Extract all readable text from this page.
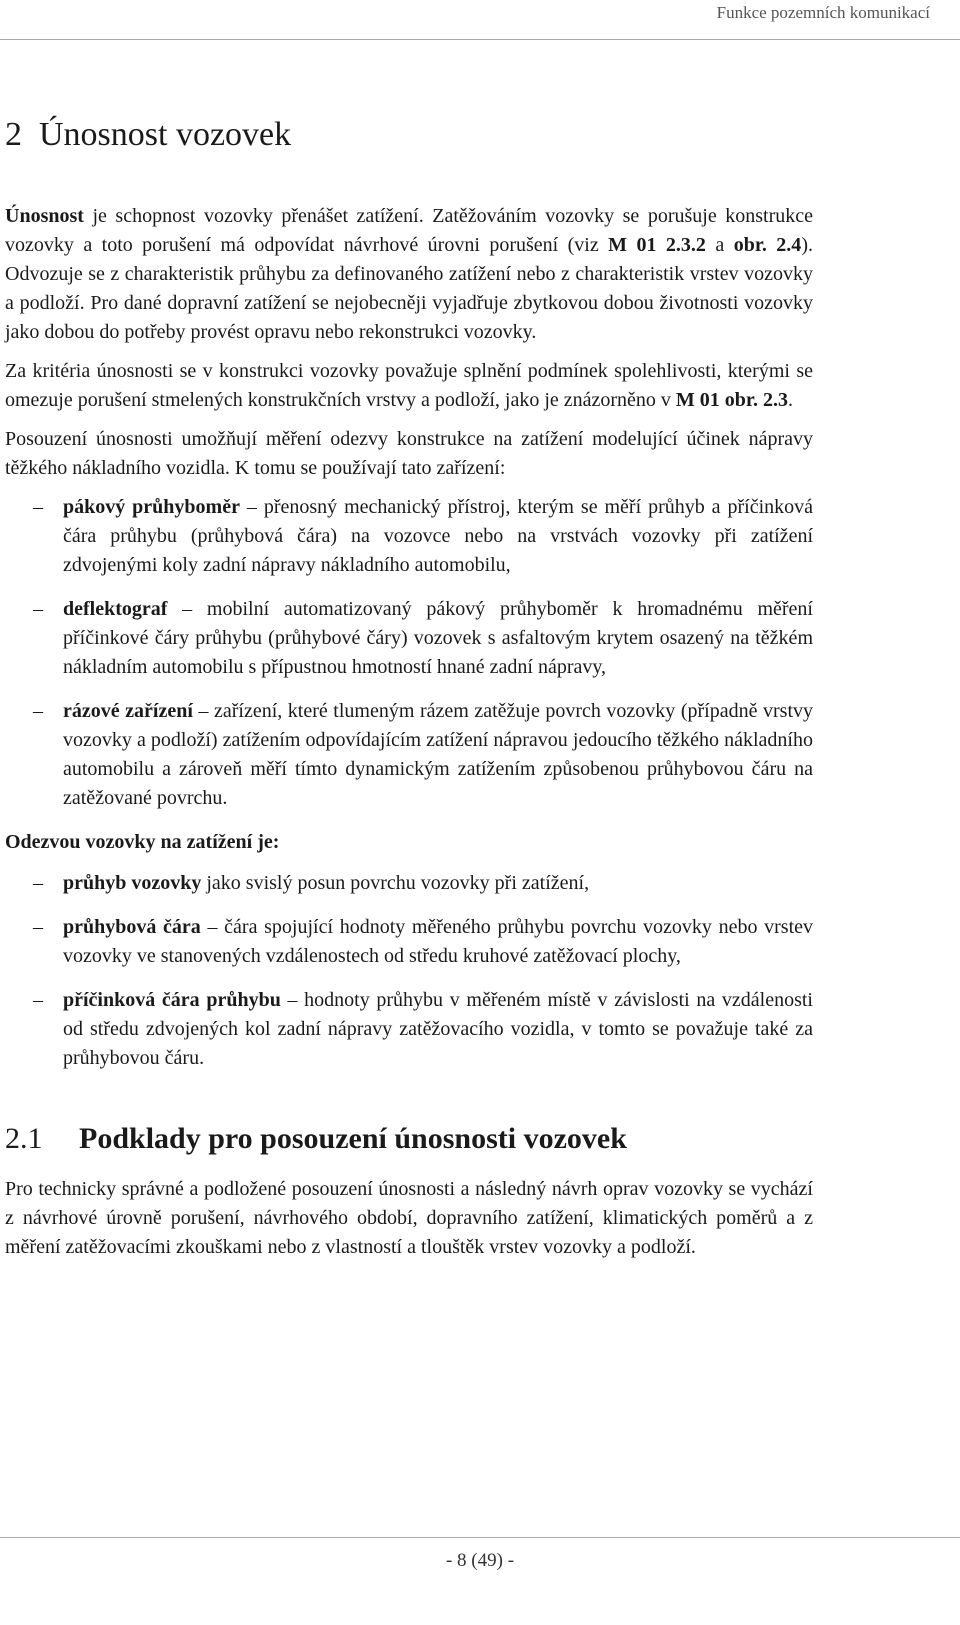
Funkce pozemních komunikací
2 Únosnost vozovek

Únosnost je schopnost vozovky přenášet zatížení. Zatěžováním vozovky se porušuje konstrukce vozovky a toto porušení má odpovídat návrhové úrovni porušení (viz M 01 2.3.2 a obr. 2.4). Odvozuje se z charakteristik průhybu za definovaného zatížení nebo z charakteristik vrstev vozovky a podloží. Pro dané dopravní zatížení se nejobecněji vyjadřuje zbytkovou dobou životnosti vozovky jako dobou do potřeby provést opravu nebo rekonstrukci vozovky.

Za kritéria únosnosti se v konstrukci vozovky považuje splnění podmínek spolehlivosti, kterými se omezuje porušení stmelených konstrukčních vrstvy a podloží, jako je znázorněno v M 01 obr. 2.3.

Posouzení únosnosti umožňují měření odezvy konstrukce na zatížení modelující účinek nápravy těžkého nákladního vozidla. K tomu se používají tato zařízení:

– pákový průhyboměr – přenosný mechanický přístroj, kterým se měří průhyb a příčinková čára průhybu (průhybová čára) na vozovce nebo na vrstvách vozovky při zatížení zdvojenými koly zadní nápravy nákladního automobilu,
– deflektograf – mobilní automatizovaný pákový průhyboměr k hromadnému měření příčinkové čáry průhybu (průhybové čáry) vozovek s asfaltovým krytem osazený na těžkém nákladním automobilu s přípustnou hmotností hnané zadní nápravy,
– rázové zařízení – zařízení, které tlumeným rázem zatěžuje povrch vozovky (případně vrstvy vozovky a podloží) zatížením odpovídajícím zatížení nápravou jedoucího těžkého nákladního automobilu a zároveň měří tímto dynamickým zatížením způsobenou průhybovou čáru na zatěžované povrchu.
Odezvou vozovky na zatížení je:
– průhyb vozovky jako svislý posun povrchu vozovky při zatížení,
– průhybová čára – čára spojující hodnoty měřeného průhybu povrchu vozovky nebo vrstev vozovky ve stanovených vzdálenostech od středu kruhové zatěžovací plochy,
– příčinková čára průhybu – hodnoty průhybu v měřeném místě v závislosti na vzdálenosti od středu zdvojených kol zadní nápravy zatěžovacího vozidla, v tomto se považuje také za průhybovou čáru.
2.1 Podklady pro posouzení únosnosti vozovek

Pro technicky správné a podložené posouzení únosnosti a následný návrh oprav vozovky se vychází z návrhové úrovně porušení, návrhového období, dopravního zatížení, klimatických poměrů a z měření zatěžovacími zkouškami nebo z vlastností a tlouštěk vrstev vozovky a podloží.

- 8 (49) -
